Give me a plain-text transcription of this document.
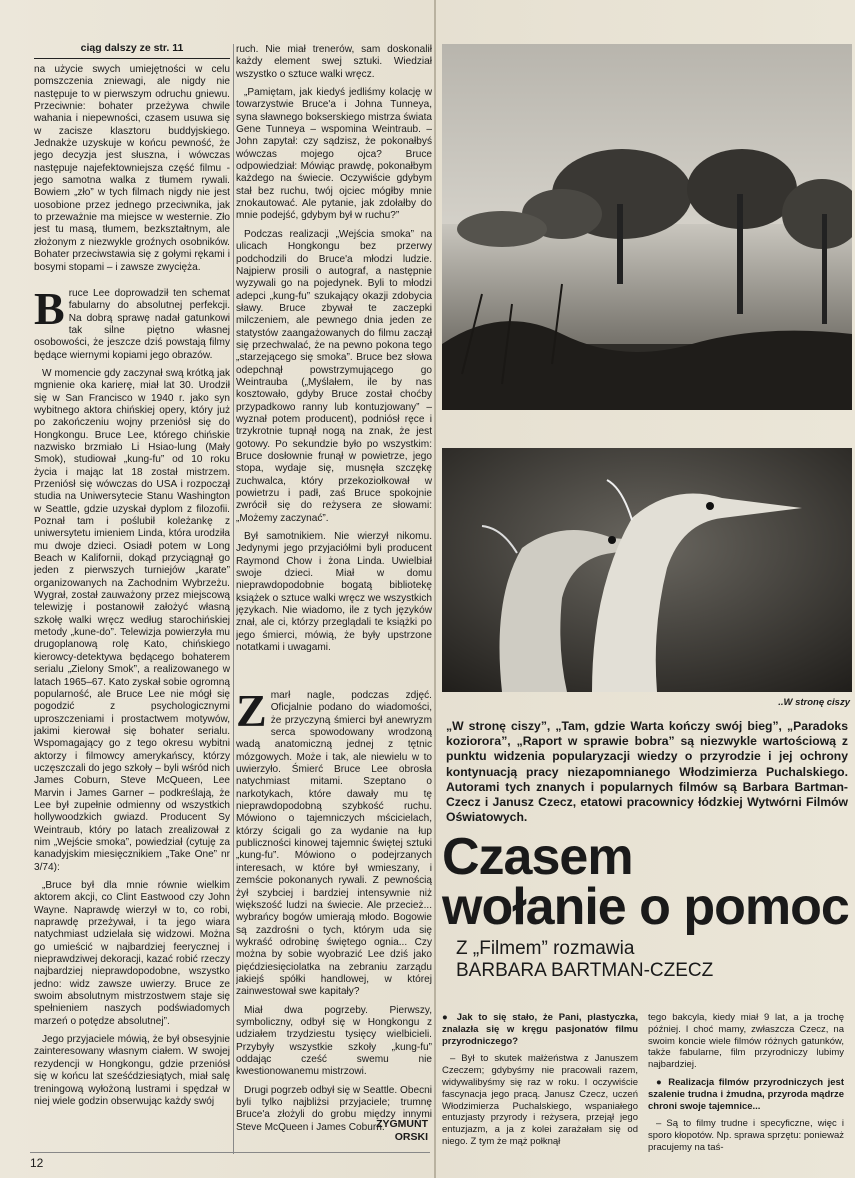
ciąg dalszy ze str. 11

na użycie swych umiejętności w celu pomszczenia zniewagi, ale nigdy nie następuje to w pierwszym odruchu gniewu. Przeciwnie: bohater przeżywa chwile wahania i niepewności, czasem usuwa się w zacisze klasztoru buddyjskiego. Jednakże uzyskuje w końcu pewność, że jego decyzja jest słuszna, i wówczas następuje najefektowniejsza część filmu - jego samotna walka z tłumem rywali. Bowiem „zło” w tych filmach nigdy nie jest uosobione przez jednego przeciwnika, jak to przeważnie ma miejsce w westernie. Zło jest tu masą, tłumem, bezkształtnym, ale złożonym z niezwykle groźnych osobników. Bohater przeciwstawia się z gołymi rękami i bosymi stopami – i zawsze zwycięża.

Bruce Lee doprowadził ten schemat fabularny do absolutnej perfekcji. Na dobrą sprawę nadał gatunkowi tak silne piętno własnej osobowości, że jeszcze dziś powstają filmy będące wiernymi kopiami jego obrazów.

W momencie gdy zaczynał swą krótką jak mgnienie oka karierę, miał lat 30. Urodził się w San Francisco w 1940 r. jako syn wybitnego aktora chińskiej opery, który już po zakończeniu wojny przeniósł się do Hongkongu. Bruce Lee, którego chińskie nazwisko brzmiało Li Hsiao-lung (Mały Smok), studiował „kung-fu” od 10 roku życia i mając lat 18 został mistrzem. Przeniósł się wówczas do USA i rozpoczął studia na Uniwersytecie Stanu Washington w Seattle, gdzie uzyskał dyplom z filozofii. Poznał tam i poślubił koleżankę z uniwersytetu imieniem Linda, która urodziła mu dwoje dzieci. Osiadł potem w Long Beach w Kalifornii, dokąd przyciągnął go jeden z pierwszych turniejów „karate” organizowanych na Zachodnim Wybrzeżu. Wygrał, został zauważony przez miejscową telewizję i postanowił założyć własną szkołę walki wręcz według starochińskiej metody „kune-do”. Telewizja powierzyła mu drugoplanową rolę Kato, chińskiego kierowcy-detektywa będącego bohaterem serialu „Zielony Smok”, a realizowanego w latach 1965–67. Kato zyskał sobie ogromną popularność, ale Bruce Lee nie mógł się pogodzić z psychologicznymi uproszczeniami i prostactwem motywów, jakimi kierował się bohater serialu. Wspomagający go z tego okresu wybitni aktorzy i filmowcy amerykańscy, którzy uczęszczali do jego szkoły – byli wśród nich James Coburn, Steve McQueen, Lee Marvin i James Garner – podkreślają, że Lee był zupełnie odmienny od wszystkich hollywoodzkich gwiazd. Producent Sy Weintraub, który po latach zrealizował z nim „Wejście smoka”, powiedział (cytuję za kanadyjskim miesięcznikiem „Take One” nr 3/74):

„Bruce był dla mnie równie wielkim aktorem akcji, co Clint Eastwood czy John Wayne. Naprawdę wierzył w to, co robi, naprawdę przeżywał, i ta jego wiara natychmiast udzielała się widzowi. Można go umieścić w najbardziej feerycznej i nieprawdziwej dekoracji, kazać robić rzeczy najbardziej nieprawdopodobne, wszystko jedno: widz zawsze uwierzy. Bruce ze swoim absolutnym mistrzostwem staje się spełnieniem naszych podświadomych marzeń o potędze absolutnej”.

Jego przyjaciele mówią, że był obsesyjnie zainteresowany własnym ciałem. W swojej rezydencji w Hongkongu, gdzie przeniósł się w końcu lat sześćdziesiątych, miał salę treningową wyłożoną lustrami i spędzał w niej wiele godzin obserwując każdy swój

ruch. Nie miał trenerów, sam doskonalił każdy element swej sztuki. Wiedział wszystko o sztuce walki wręcz.

„Pamiętam, jak kiedyś jedliśmy kolację w towarzystwie Bruce'a i Johna Tunneya, syna sławnego bokserskiego mistrza świata Gene Tunneya – wspomina Weintraub. – John zapytał: czy sądzisz, że pokonałbyś wówczas mojego ojca? Bruce odpowiedział: Mówiąc prawdę, pokonałbym każdego na świecie. Oczywiście gdybym stał bez ruchu, twój ojciec mógłby mnie znokautować. Ale pytanie, jak zdołałby do mnie podejść, gdybym był w ruchu?”

Podczas realizacji „Wejścia smoka” na ulicach Hongkongu bez przerwy podchodzili do Bruce'a młodzi ludzie. Najpierw prosili o autograf, a następnie wyzywali go na pojedynek. Byli to młodzi adepci „kung-fu” szukający okazji zdobycia sławy. Bruce zbywał te zaczepki milczeniem, ale pewnego dnia jeden ze statystów zaangażowanych do filmu zaczął się przechwalać, że na pewno pokona tego „starzejącego się smoka”. Bruce bez słowa odepchnął powstrzymującego go Weintrauba („Myślałem, ile by nas kosztowało, gdyby Bruce został choćby przypadkowo ranny lub kontuzjowany” – wyznał potem producent), podniósł ręce i trzykrotnie tupnął nogą na znak, że jest gotowy. Po sekundzie było po wszystkim: Bruce dosłownie frunął w powietrze, jego stopa, wydaje się, musnęła szczękę zuchwalca, który przekoziołkował w powietrzu i padł, zaś Bruce spokojnie zwrócił się do reżysera ze słowami: „Możemy zaczynać”.

Był samotnikiem. Nie wierzył nikomu. Jedynymi jego przyjaciółmi byli producent Raymond Chow i żona Linda. Uwielbiał swoje dzieci. Miał w domu nieprawdopodobnie bogatą bibliotekę książek o sztuce walki wręcz we wszystkich językach. Nie wiadomo, ile z tych języków znał, ale ci, którzy przeglądali te książki po jego śmierci, mówią, że były upstrzone notatkami i uwagami.

Zmarł nagle, podczas zdjęć. Oficjalnie podano do wiadomości, że przyczyną śmierci był anewryzm serca spowodowany wrodzoną wadą anatomiczną jednej z tętnic mózgowych. Może i tak, ale niewielu w to uwierzyło. Śmierć Bruce Lee obrosła natychmiast mitami. Szeptano o narkotykach, które dawały mu tę nieprawdopodobną szybkość ruchu. Mówiono o tajemniczych mścicielach, którzy ścigali go za wydanie na łup publiczności kinowej tajemnic świętej sztuki „kung-fu”. Mówiono o podejrzanych interesach, w które był wmieszany, i zemście pokonanych rywali. Z pewnością żył szybciej i bardziej intensywnie niż większość ludzi na świecie. Ale przecież... wybrańcy bogów umierają młodo. Bogowie są zazdrośni o tych, którym uda się wykraść odrobinę świętego ognia... Czy można by sobie wyobrazić Lee dziś jako pięćdziesięciolatka na zebraniu zarządu jakiejś spółki handlowej, w której zainwestował swe kapitały?

Miał dwa pogrzeby. Pierwszy, symboliczny, odbył się w Hongkongu z udziałem trzydziestu tysięcy wielbicieli. Przybyły wszystkie szkoły „kung-fu” oddając cześć swemu nie kwestionowanemu mistrzowi.

Drugi pogrzeb odbył się w Seattle. Obecni byli tylko najbliżsi przyjaciele; trumnę Bruce'a złożyli do grobu między innymi Steve McQueen i James Coburn.

ZYGMUNT
ORSKI
12
..W stronę ciszy
„W stronę ciszy”, „Tam, gdzie Warta kończy swój bieg”, „Paradoks koziorога”, „Raport w sprawie bobra” są niezwykle wartościową z punktu widzenia popularyzacji wiedzy o przyrodzie i jej ochrony kontynuacją pracy niezapomnianego Włodzimierza Puchalskiego. Autorami tych znanych i popularnych filmów są Barbara Bartman-Czecz i Janusz Czecz, etatowi pracownicy łódzkiej Wytwórni Filmów Oświatowych.
Czasem
wołanie o pomoc
Z „Filmem” rozmawia
BARBARA BARTMAN-CZECZ

● Jak to się stało, że Pani, plastyczka, znalazła się w kręgu pasjonatów filmu przyrodniczego?

– Był to skutek małżeństwa z Januszem Czeczem; gdybyśmy nie pracowali razem, widywalibyśmy się raz w roku. I oczywiście fascynacja jego pracą. Janusz Czecz, uczeń Włodzimierza Puchalskiego, wspaniałego entuzjasty przyrody i reżysera, przejął jego entuzjazm, a ja z kolei zarażałam się od niego. Z tym że mąż połknął

tego bakcyla, kiedy miał 9 lat, a ja trochę później. I choć mamy, zwłaszcza Czecz, na swoim koncie wiele filmów różnych gatunków, także fabularne, film przyrodniczy lubimy najbardziej.

● Realizacja filmów przyrodniczych jest szalenie trudna i żmudna, przyroda mądrze chroni swoje tajemnice...

– Są to filmy trudne i specyficzne, więc i sporo kłopotów. Np. sprawa sprzętu: ponieważ pracujemy na taś-
